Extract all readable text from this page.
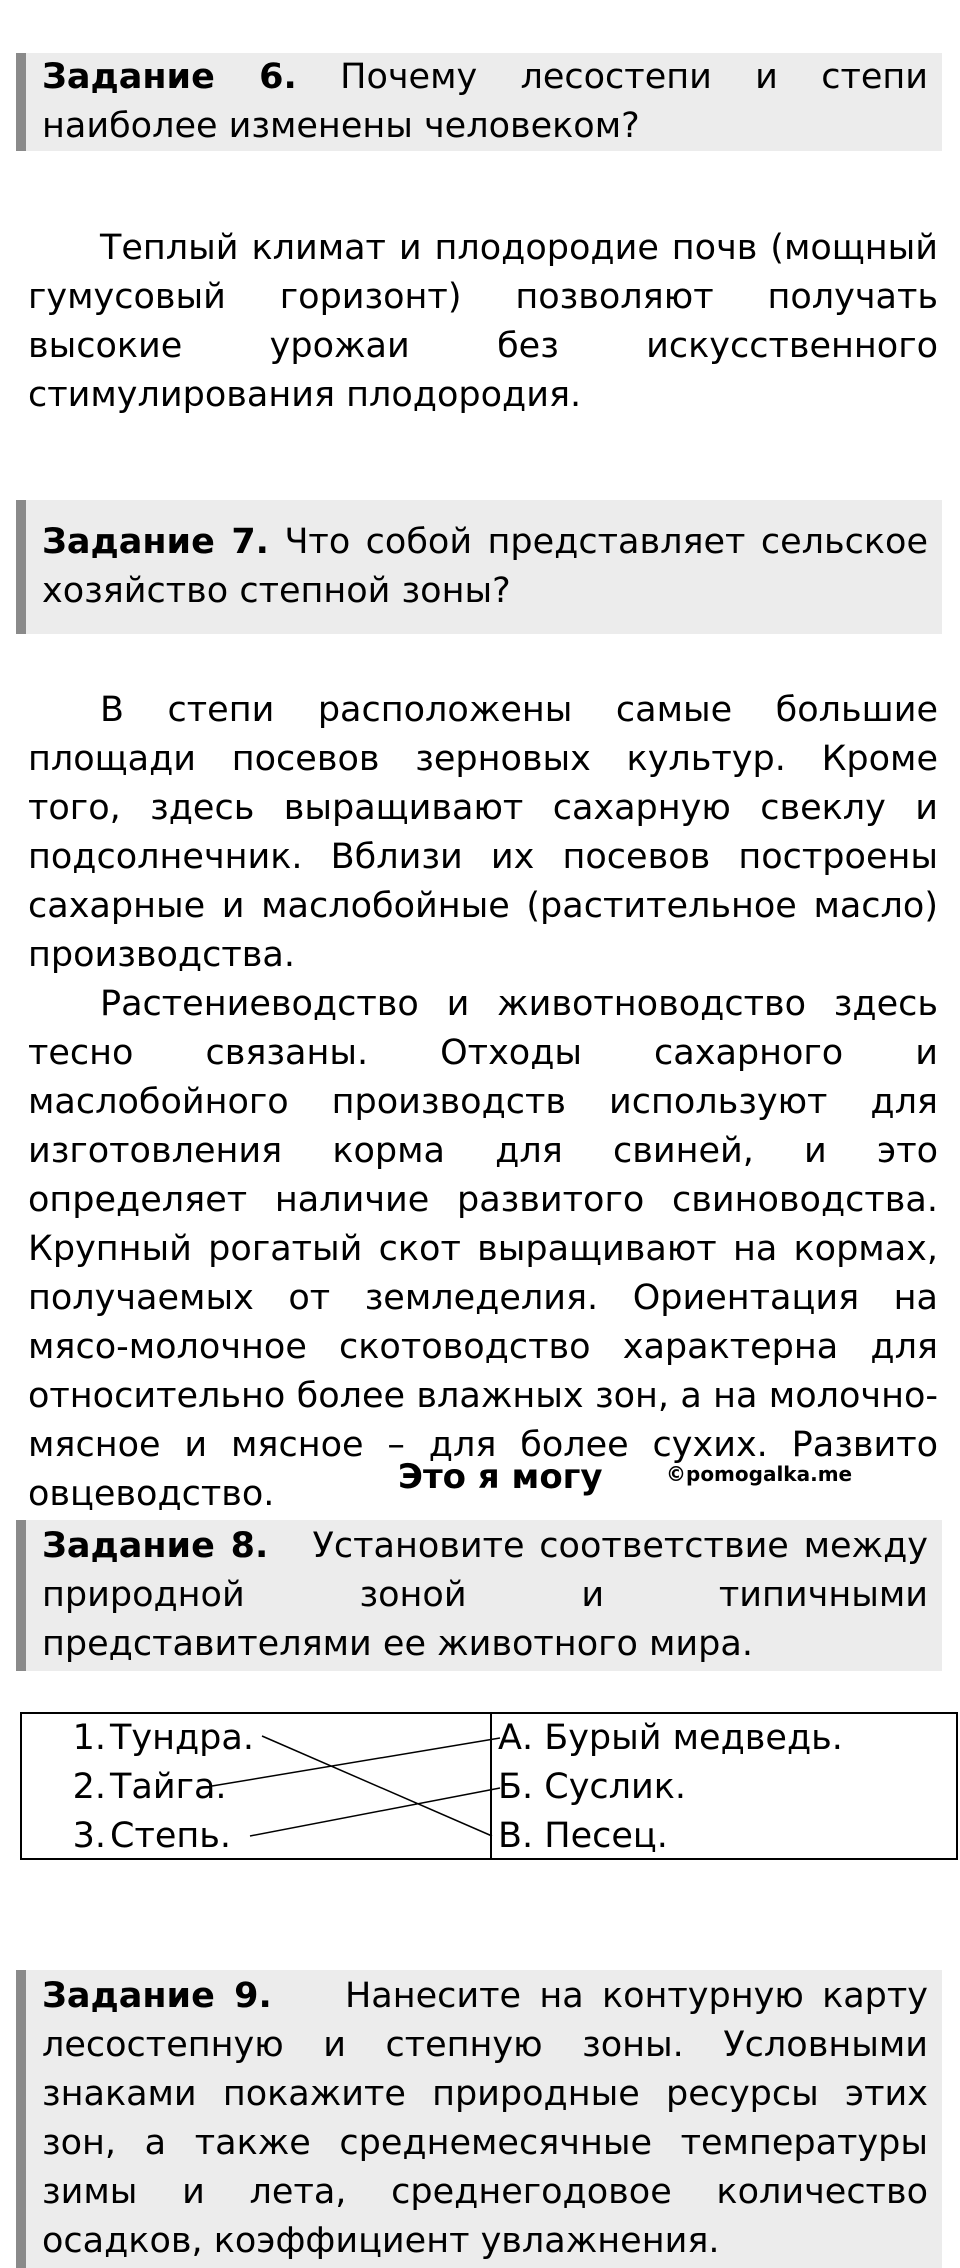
Задание 6. Почему лесостепи и степи наиболее изменены человеком?

Теплый климат и плодородие почв (мощный гумусовый горизонт) позволяют получать высокие урожаи без искусственного стимулирования плодородия.

Задание 7. Что собой представляет сельское хозяйство степной зоны?

В степи расположены самые большие площади посевов зерновых культур. Кроме того, здесь выращивают сахарную свеклу и подсолнечник. Вблизи их посевов построены сахарные и маслобойные (растительное масло) производства.

Растениеводство и животноводство здесь тесно связаны. Отходы сахарного и маслобойного производств используют для изготовления корма для свиней, и это определяет наличие развитого свиноводства. Крупный рогатый скот выращивают на кормах, получаемых от земледелия. Ориентация на мясо-молочное скотоводство характерна для относительно более влажных зон, а на молочно-мясное и мясное – для более сухих. Развито овцеводство.	Это я могу	©pomogalka.me
Задание 8. Установите соответствие между природной зоной и типичными представителями ее животного мира.
1. Тундра.
2. Тайга.
3. Степь.
А. Бурый медведь.
Б. Суслик.
В. Песец.
Задание 9. Нанесите на контурную карту лесостепную и степную зоны. Условными знаками покажите природные ресурсы этих зон, а также среднемесячные температуры зимы и лета, среднегодовое количество осадков, коэффициент увлажнения.
